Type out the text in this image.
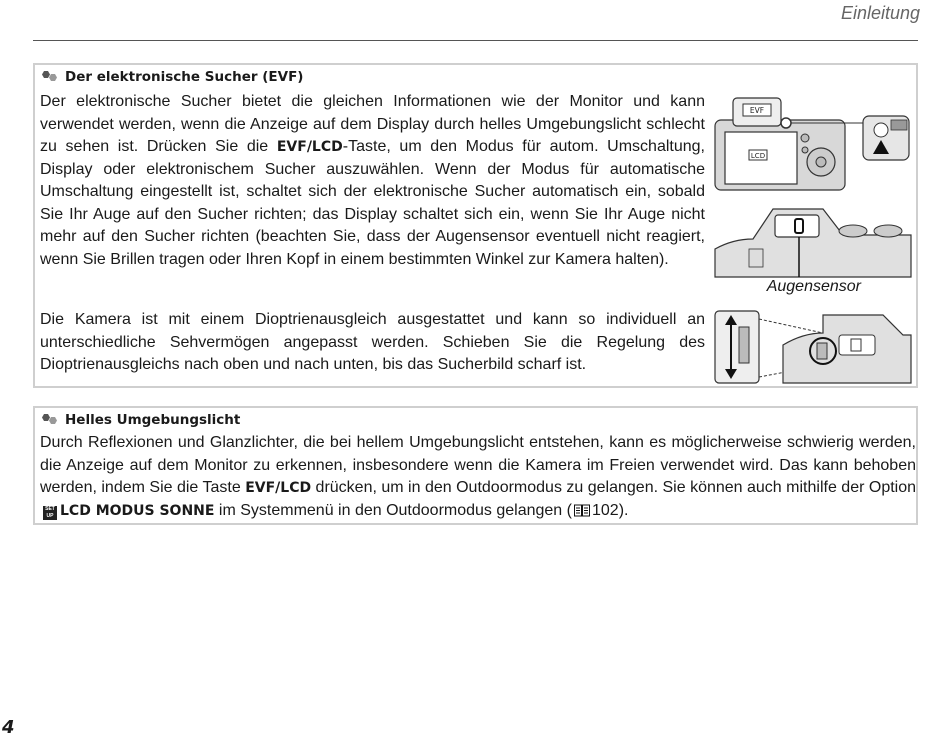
Einleitung
Der elektronische Sucher (EVF)
Der elektronische Sucher bietet die gleichen Informationen wie der Monitor und kann verwendet werden, wenn die Anzeige auf dem Display durch helles Umgebungslicht schlecht zu sehen ist. Drücken Sie die EVF/LCD-Taste, um den Modus für autom. Umschaltung, Display oder elektronischem Sucher auszuwählen. Wenn der Modus für automatische Umschaltung eingestellt ist, schaltet sich der elektronische Sucher automatisch ein, sobald Sie Ihr Auge auf den Sucher richten; das Display schaltet sich ein, wenn Sie Ihr Auge nicht mehr auf den Sucher richten (beachten Sie, dass der Augensensor eventuell nicht reagiert, wenn Sie Brillen tragen oder Ihren Kopf in einem bestimmten Winkel zur Kamera halten).
Die Kamera ist mit einem Dioptrienausgleich ausgestattet und kann so individuell an unterschiedliche Sehvermögen angepasst werden. Schieben Sie die Regelung des Dioptrienausgleichs nach oben und nach unten, bis das Sucherbild scharf ist.
EVF
LCD
Augensensor
Helles Umgebungslicht
Durch Reflexionen und Glanzlichter, die bei hellem Umgebungslicht entstehen, kann es möglicherweise schwierig werden, die Anzeige auf dem Monitor zu erkennen, insbesondere wenn die Kamera im Freien verwendet wird. Das kann behoben werden, indem Sie die Taste EVF/LCD drücken, um in den Outdoormodus zu gelangen. Sie können auch mithilfe der Option SET UP LCD MODUS SONNE im Systemmenü in den Outdoormodus gelangen ( 102).
4
